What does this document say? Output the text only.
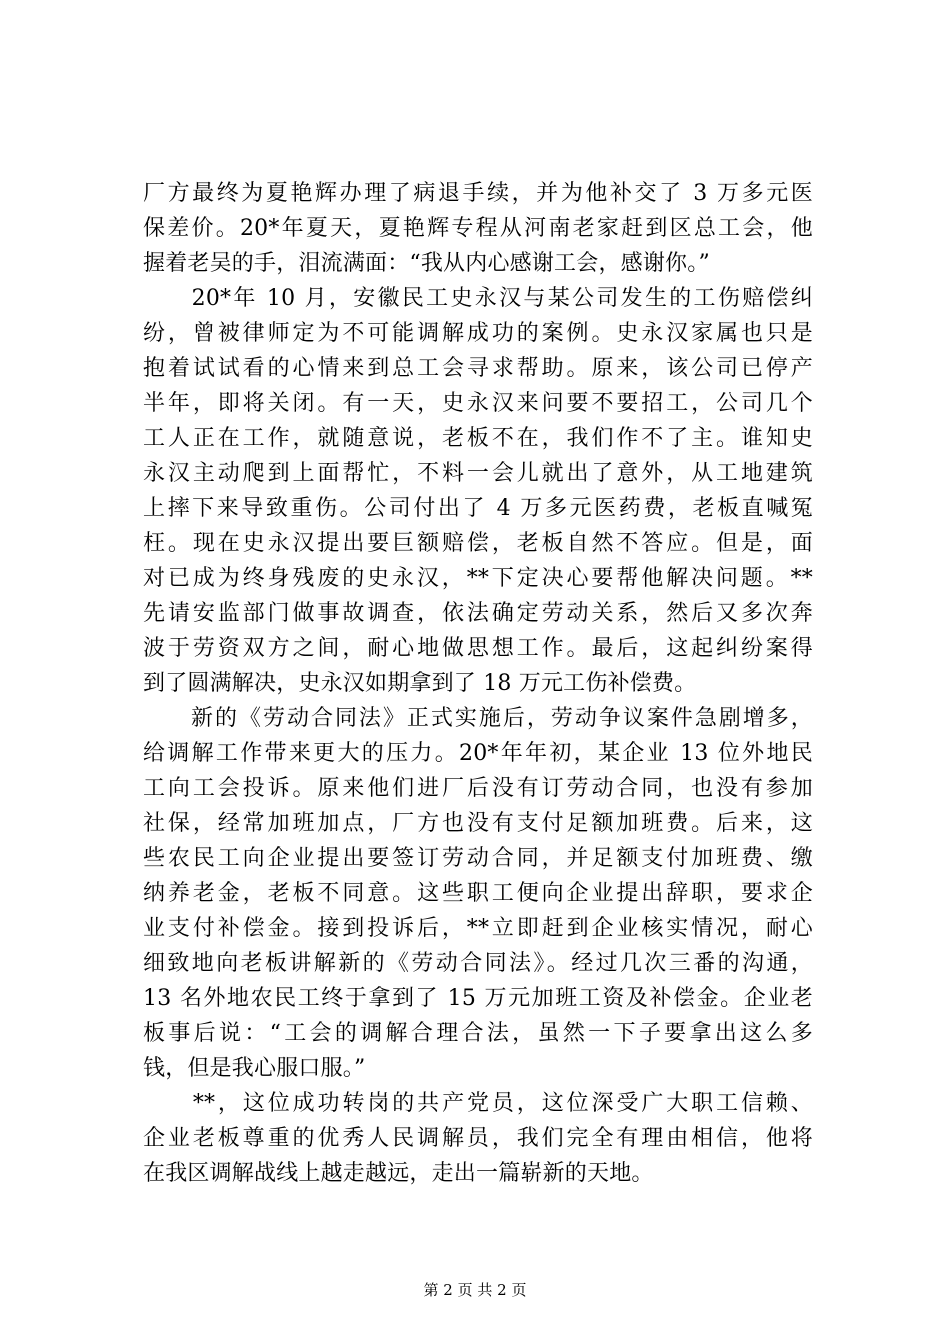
厂方最终为夏艳辉办理了病退手续，并为他补交了 3 万多元医
保差价。20*年夏天，夏艳辉专程从河南老家赶到区总工会，他
握着老吴的手，泪流满面：“我从内心感谢工会，感谢你。”
　　20*年 10 月，安徽民工史永汉与某公司发生的工伤赔偿纠
纷，曾被律师定为不可能调解成功的案例。史永汉家属也只是
抱着试试看的心情来到总工会寻求帮助。原来，该公司已停产
半年，即将关闭。有一天，史永汉来问要不要招工，公司几个
工人正在工作，就随意说，老板不在，我们作不了主。谁知史
永汉主动爬到上面帮忙，不料一会儿就出了意外，从工地建筑
上摔下来导致重伤。公司付出了 4 万多元医药费，老板直喊冤
枉。现在史永汉提出要巨额赔偿，老板自然不答应。但是，面
对已成为终身残废的史永汉，**下定决心要帮他解决问题。**
先请安监部门做事故调查，依法确定劳动关系，然后又多次奔
波于劳资双方之间，耐心地做思想工作。最后，这起纠纷案得
到了圆满解决，史永汉如期拿到了 18 万元工伤补偿费。
　　新的《劳动合同法》正式实施后，劳动争议案件急剧增多，
给调解工作带来更大的压力。20*年年初，某企业 13 位外地民
工向工会投诉。原来他们进厂后没有订劳动合同，也没有参加
社保，经常加班加点，厂方也没有支付足额加班费。后来，这
些农民工向企业提出要签订劳动合同，并足额支付加班费、缴
纳养老金，老板不同意。这些职工便向企业提出辞职，要求企
业支付补偿金。接到投诉后，**立即赶到企业核实情况，耐心
细致地向老板讲解新的《劳动合同法》。经过几次三番的沟通，
13 名外地农民工终于拿到了 15 万元加班工资及补偿金。企业老
板事后说：“工会的调解合理合法，虽然一下子要拿出这么多
钱，但是我心服口服。”
　　**，这位成功转岗的共产党员，这位深受广大职工信赖、
企业老板尊重的优秀人民调解员，我们完全有理由相信，他将
在我区调解战线上越走越远，走出一篇崭新的天地。
第 2 页 共 2 页
